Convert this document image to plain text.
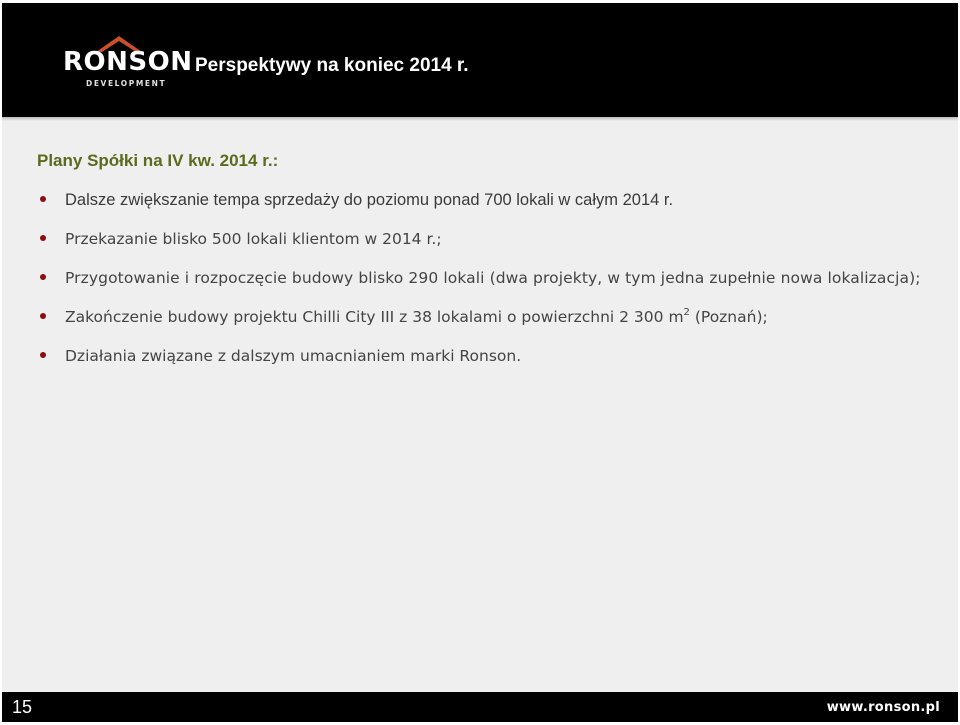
RONSON
DEVELOPMENT
Perspektywy na koniec 2014 r.
Plany Spółki na IV kw. 2014 r.:
Dalsze zwiększanie tempa sprzedaży do poziomu ponad 700 lokali w całym 2014 r.
Przekazanie blisko 500 lokali klientom w 2014 r.;
Przygotowanie i rozpoczęcie budowy blisko 290 lokali (dwa projekty, w tym jedna zupełnie nowa lokalizacja);
Zakończenie budowy projektu Chilli City III z 38 lokalami o powierzchni 2 300 $m^2$ (Poznań);
Działania związane z dalszym umacnianiem marki Ronson.
15	www.ronson.pl
